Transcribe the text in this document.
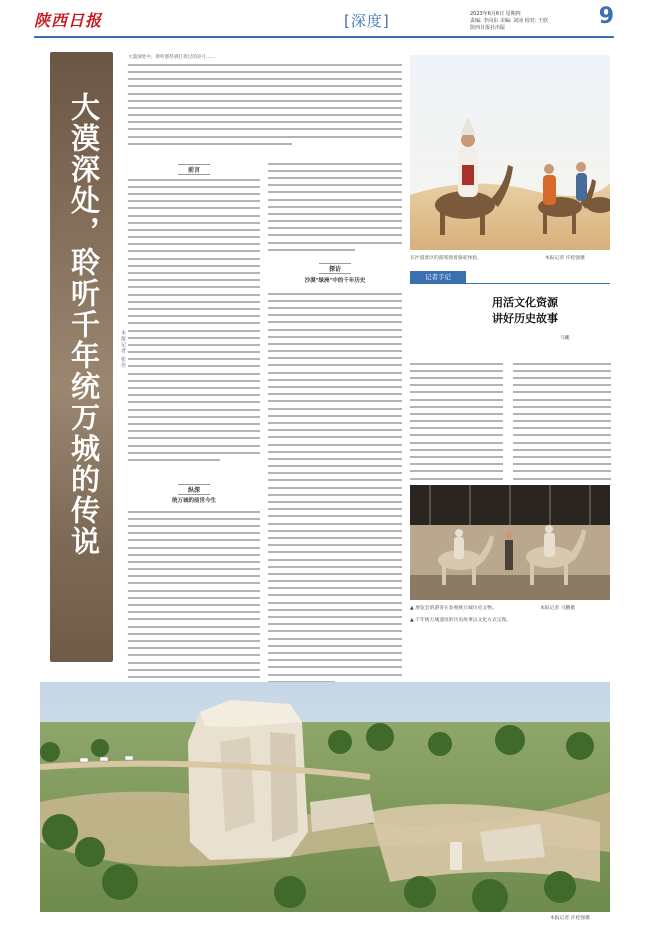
陕西日报	[深度]	2023年6月6日 星期四
责编: 李向东 美编: 刘沛 校对: 王欣
陕西日报社出版	9
大漠深处，聆听千年统万城的传说	本报记者 张佳
大漠深处中，聆听那些被打扰过的岁月……
前言
纵深
统万城的前世今生
探访
沙漠"绿洲"中的千年历史
在沙漠景区的游客骑着骆驼体验。	本报记者 许桂强摄
记者手记
用活文化资源
讲好历史故事
马鹏
▲ 展览会的游客在参观统万城历史文物。	本报记者 马鹏摄
▲ 千年统万城遗址的历史故事以文化方式呈现。
本报记者 许桂强摄
